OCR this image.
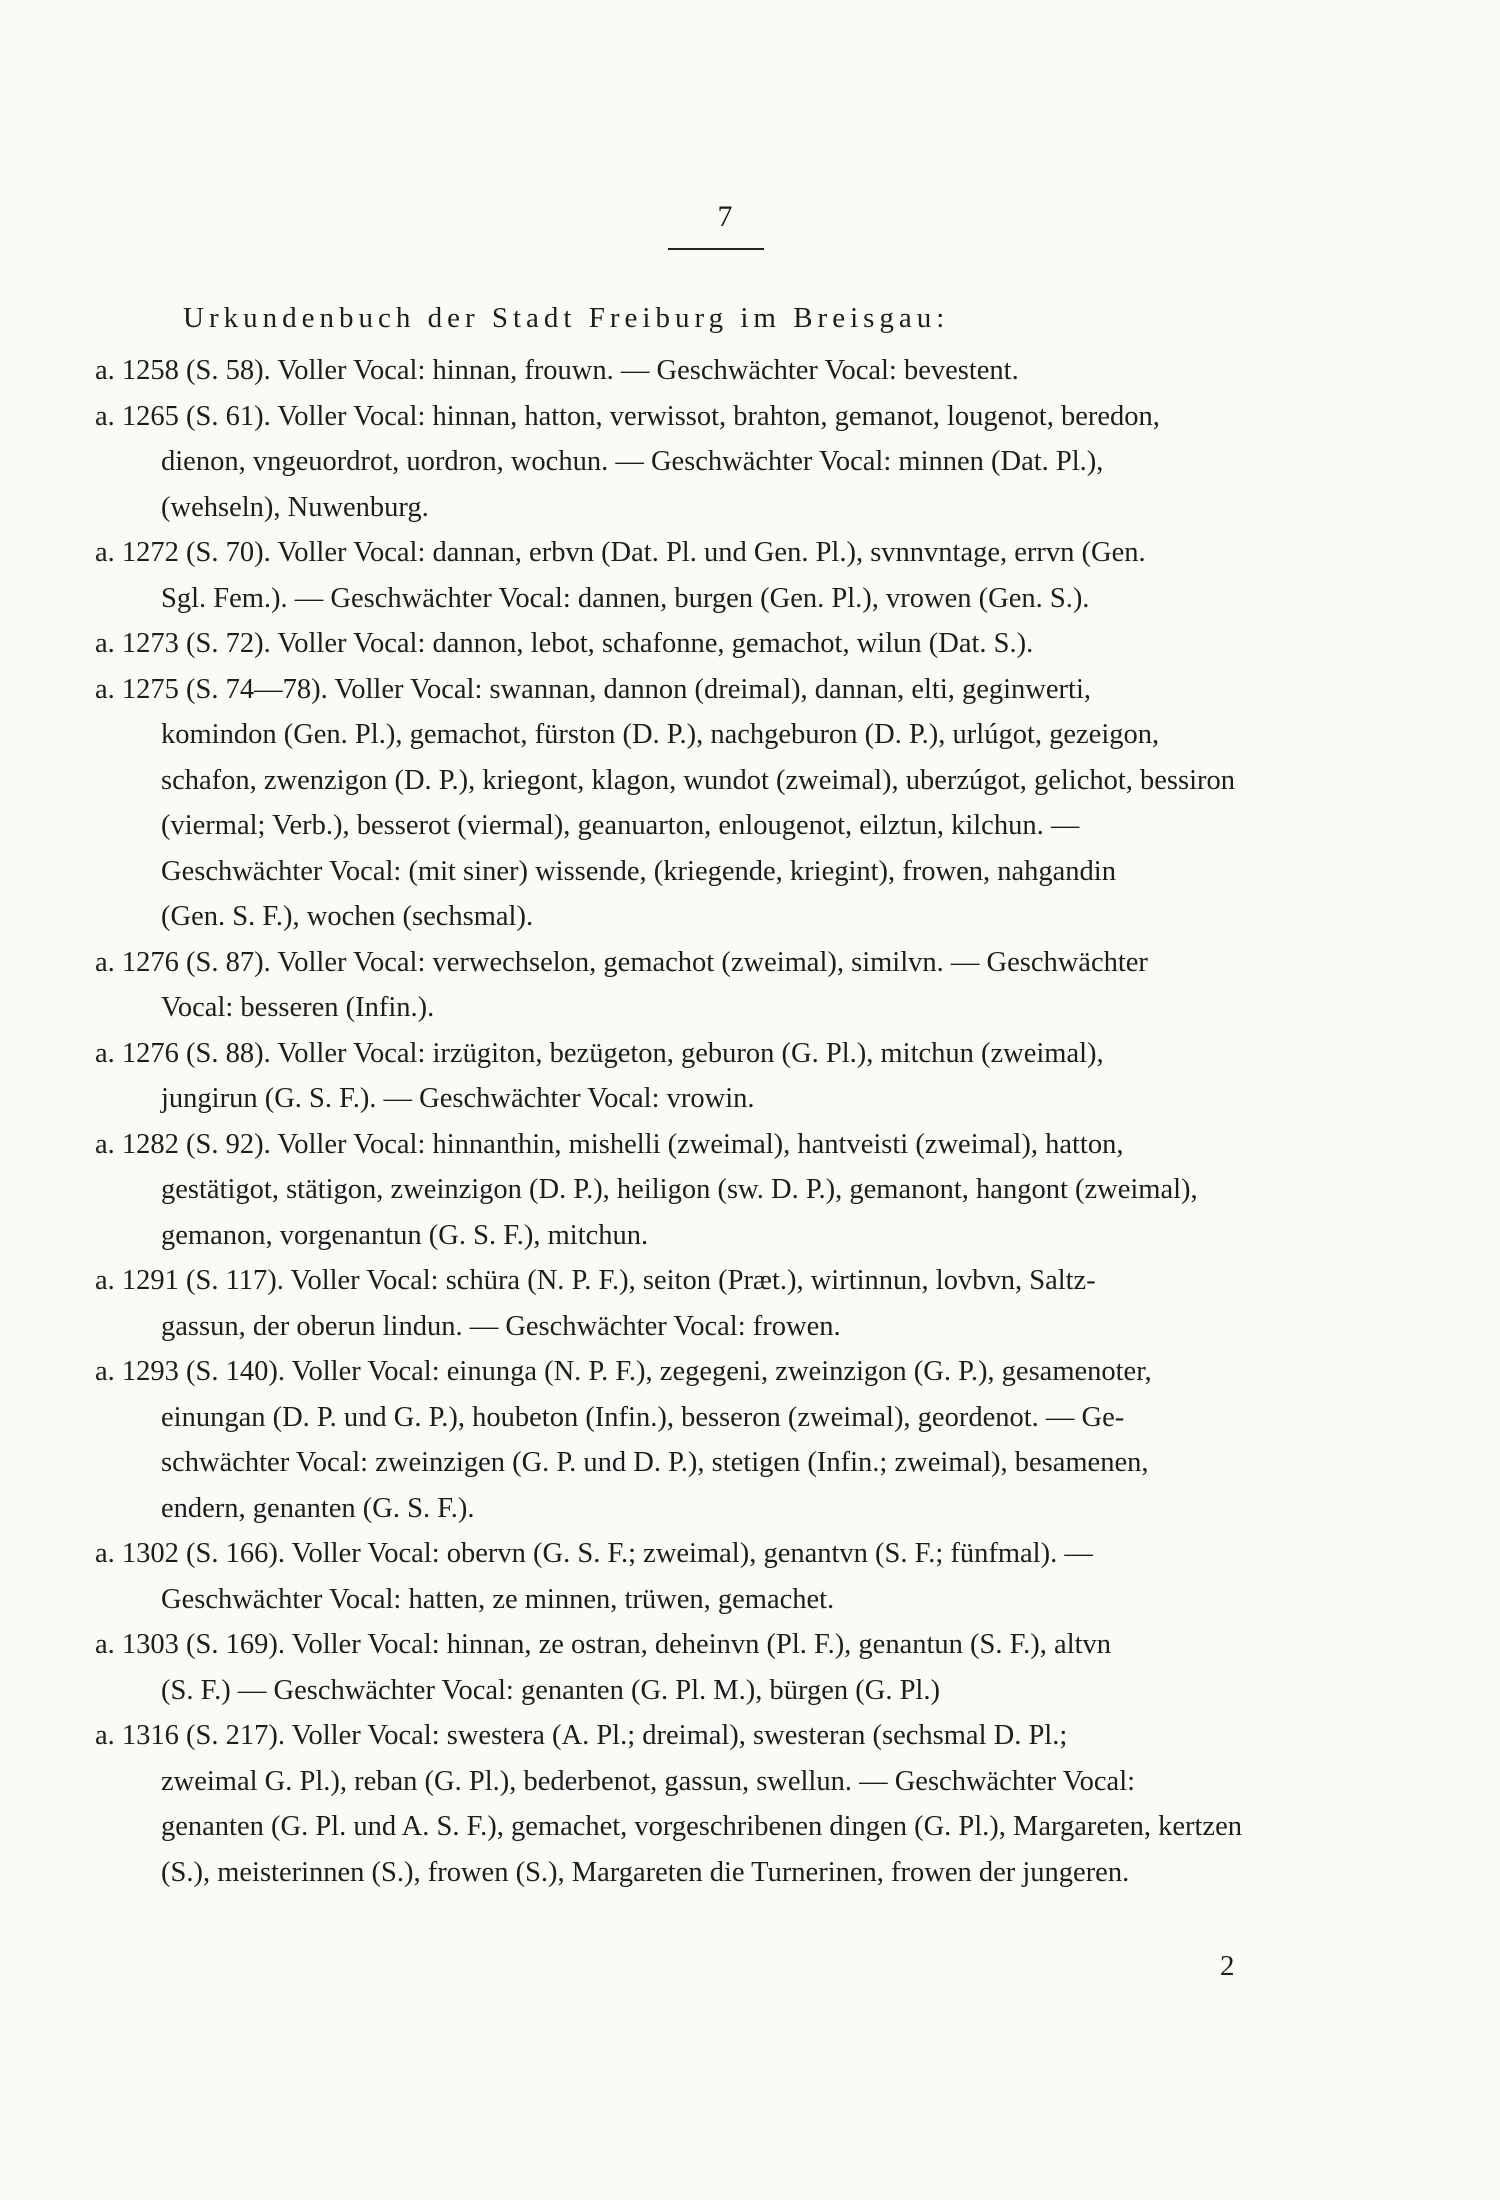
7
Urkundenbuch der Stadt Freiburg im Breisgau:
a. 1258 (S. 58). Voller Vocal: hinnan, frouwn. — Geschwächter Vocal: bevestent.
a. 1265 (S. 61). Voller Vocal: hinnan, hatton, verwissot, brahton, gemanot, lougenot, beredon,
dienon, vngeuordrot, uordron, wochun. — Geschwächter Vocal: minnen (Dat. Pl.),
(wehseln), Nuwenburg.
a. 1272 (S. 70). Voller Vocal: dannan, erbvn (Dat. Pl. und Gen. Pl.), svnnvntage, errvn (Gen.
Sgl. Fem.). — Geschwächter Vocal: dannen, burgen (Gen. Pl.), vrowen (Gen. S.).
a. 1273 (S. 72). Voller Vocal: dannon, lebot, schafonne, gemachot, wilun (Dat. S.).
a. 1275 (S. 74—78). Voller Vocal: swannan, dannon (dreimal), dannan, elti, geginwerti,
komindon (Gen. Pl.), gemachot, fürston (D. P.), nachgeburon (D. P.), urlúgot, gezeigon,
schafon, zwenzigon (D. P.), kriegont, klagon, wundot (zweimal), uberzúgot, gelichot, bessiron
(viermal; Verb.), besserot (viermal), geanuarton, enlougenot, eilztun, kilchun. —
Geschwächter Vocal: (mit siner) wissende, (kriegende, kriegint), frowen, nahgandin
(Gen. S. F.), wochen (sechsmal).
a. 1276 (S. 87). Voller Vocal: verwechselon, gemachot (zweimal), similvn. — Geschwächter
Vocal: besseren (Infin.).
a. 1276 (S. 88). Voller Vocal: irzügiton, bezügeton, geburon (G. Pl.), mitchun (zweimal),
jungirun (G. S. F.). — Geschwächter Vocal: vrowin.
a. 1282 (S. 92). Voller Vocal: hinnanthin, mishelli (zweimal), hantveisti (zweimal), hatton,
gestätigot, stätigon, zweinzigon (D. P.), heiligon (sw. D. P.), gemanont, hangont (zweimal),
gemanon, vorgenantun (G. S. F.), mitchun.
a. 1291 (S. 117). Voller Vocal: schüra (N. P. F.), seiton (Præt.), wirtinnun, lovbvn, Saltz-
gassun, der oberun lindun. — Geschwächter Vocal: frowen.
a. 1293 (S. 140). Voller Vocal: einunga (N. P. F.), zegegeni, zweinzigon (G. P.), gesamenoter,
einungan (D. P. und G. P.), houbeton (Infin.), besseron (zweimal), geordenot. — Ge-
schwächter Vocal: zweinzigen (G. P. und D. P.), stetigen (Infin.; zweimal), besamenen,
endern, genanten (G. S. F.).
a. 1302 (S. 166). Voller Vocal: obervn (G. S. F.; zweimal), genantvn (S. F.; fünfmal). —
Geschwächter Vocal: hatten, ze minnen, trüwen, gemachet.
a. 1303 (S. 169). Voller Vocal: hinnan, ze ostran, deheinvn (Pl. F.), genantun (S. F.), altvn
(S. F.) — Geschwächter Vocal: genanten (G. Pl. M.), bürgen (G. Pl.)
a. 1316 (S. 217). Voller Vocal: swestera (A. Pl.; dreimal), swesteran (sechsmal D. Pl.;
zweimal G. Pl.), reban (G. Pl.), bederbenot, gassun, swellun. — Geschwächter Vocal:
genanten (G. Pl. und A. S. F.), gemachet, vorgeschribenen dingen (G. Pl.), Margareten, kertzen
(S.), meisterinnen (S.), frowen (S.), Margareten die Turnerinen, frowen der jungeren.
2
